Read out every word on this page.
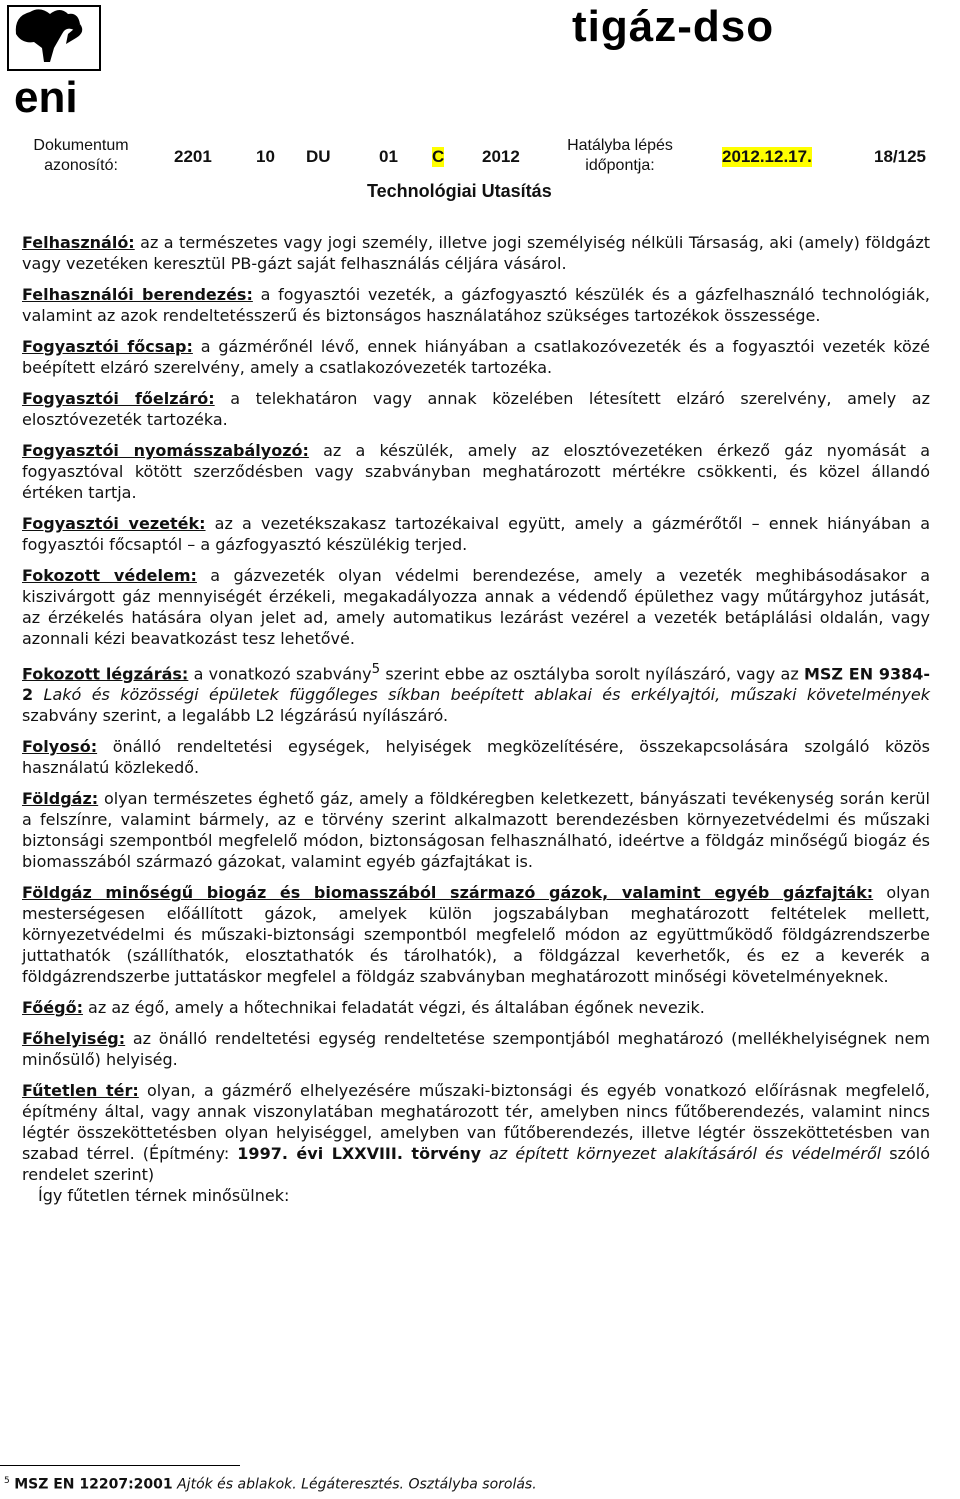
eni
tigáz-dso
Dokumentum
azonosító:	2201	10 DU	01 C 2012
Hatályba lépés
időpontja:	2012.12.17.	18/125
Technológiai Utasítás

Felhasználó: az a természetes vagy jogi személy, illetve jogi személyiség nélküli Társaság, aki (amely) földgázt vagy vezetéken keresztül PB-gázt saját felhasználás céljára vásárol.

Felhasználói berendezés: a fogyasztói vezeték, a gázfogyasztó készülék és a gázfelhasználó technológiák, valamint az azok rendeltetésszerű és biztonságos használatához szükséges tartozékok összessége.

Fogyasztói főcsap: a gázmérőnél lévő, ennek hiányában a csatlakozóvezeték és a fogyasztói vezeték közé beépített elzáró szerelvény, amely a csatlakozóvezeték tartozéka.

Fogyasztói főelzáró: a telekhatáron vagy annak közelében létesített elzáró szerelvény, amely az elosztóvezeték tartozéka.

Fogyasztói nyomásszabályozó: az a készülék, amely az elosztóvezetéken érkező gáz nyomását a fogyasztóval kötött szerződésben vagy szabványban meghatározott mértékre csökkenti, és közel állandó értéken tartja.

Fogyasztói vezeték: az a vezetékszakasz tartozékaival együtt, amely a gázmérőtől – ennek hiányában a fogyasztói főcsaptól – a gázfogyasztó készülékig terjed.

Fokozott védelem: a gázvezeték olyan védelmi berendezése, amely a vezeték meghibásodásakor a kiszivárgott gáz mennyiségét érzékeli, megakadályozza annak a védendő épülethez vagy műtárgyhoz jutását, az érzékelés hatására olyan jelet ad, amely automatikus lezárást vezérel a vezeték betáplálási oldalán, vagy azonnali kézi beavatkozást tesz lehetővé.

Fokozott légzárás: a vonatkozó szabvány$^5$ szerint ebbe az osztályba sorolt nyílászáró, vagy az MSZ EN 9384-2 Lakó és közösségi épületek függőleges síkban beépített ablakai és erkélyajtói, műszaki követelmények szabvány szerint, a legalább L2 légzárású nyílászáró.

Folyosó: önálló rendeltetési egységek, helyiségek megközelítésére, összekapcsolására szolgáló közös használatú közlekedő.

Földgáz: olyan természetes éghető gáz, amely a földkéregben keletkezett, bányászati tevékenység során kerül a felszínre, valamint bármely, az e törvény szerint alkalmazott berendezésben környezetvédelmi és műszaki biztonsági szempontból megfelelő módon, biztonságosan felhasználható, ideértve a földgáz minőségű biogáz és biomasszából származó gázokat, valamint egyéb gázfajtákat is.

Földgáz minőségű biogáz és biomasszából származó gázok, valamint egyéb gázfajták: olyan mesterségesen előállított gázok, amelyek külön jogszabályban meghatározott feltételek mellett, környezetvédelmi és műszaki-biztonsági szempontból megfelelő módon az együttműködő földgázrendszerbe juttathatók (szállíthatók, elosztathatók és tárolhatók), a földgázzal keverhetők, és ez a keverék a földgázrendszerbe juttatáskor megfelel a földgáz szabványban meghatározott minőségi követelményeknek.

Főégő: az az égő, amely a hőtechnikai feladatát végzi, és általában égőnek nevezik.

Főhelyiség: az önálló rendeltetési egység rendeltetése szempontjából meghatározó (mellékhelyiségnek nem minősülő) helyiség.

Fűtetlen tér: olyan, a gázmérő elhelyezésére műszaki-biztonsági és egyéb vonatkozó előírásnak megfelelő, építmény által, vagy annak viszonylatában meghatározott tér, amelyben nincs fűtőberendezés, valamint nincs légtér összeköttetésben olyan helyiséggel, amelyben van fűtőberendezés, illetve légtér összeköttetésben van szabad térrel. (Építmény: 1997. évi LXXVIII. törvény az épített környezet alakításáról és védelméről szóló rendelet szerint)

Így fűtetlen térnek minősülnek:
$^5$ MSZ EN 12207:2001 Ajtók és ablakok. Légáteresztés. Osztályba sorolás.
